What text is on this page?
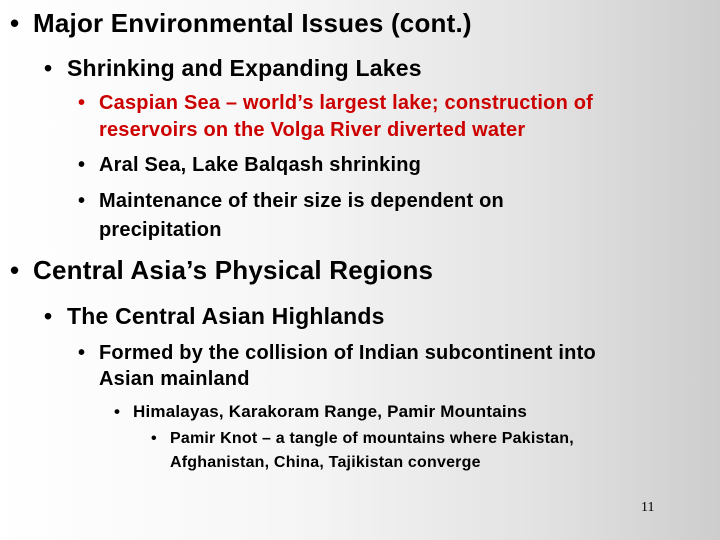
• Major Environmental Issues (cont.)
• Shrinking and Expanding Lakes
• Caspian Sea – world’s largest lake; construction of
reservoirs on the Volga River diverted water
• Aral Sea, Lake Balqash shrinking
• Maintenance of their size is dependent on
precipitation
• Central Asia’s Physical Regions
• The Central Asian Highlands
• Formed by the collision of Indian subcontinent into
Asian mainland
• Himalayas, Karakoram Range, Pamir Mountains
• Pamir Knot – a tangle of mountains where Pakistan,
Afghanistan, China, Tajikistan converge
11
